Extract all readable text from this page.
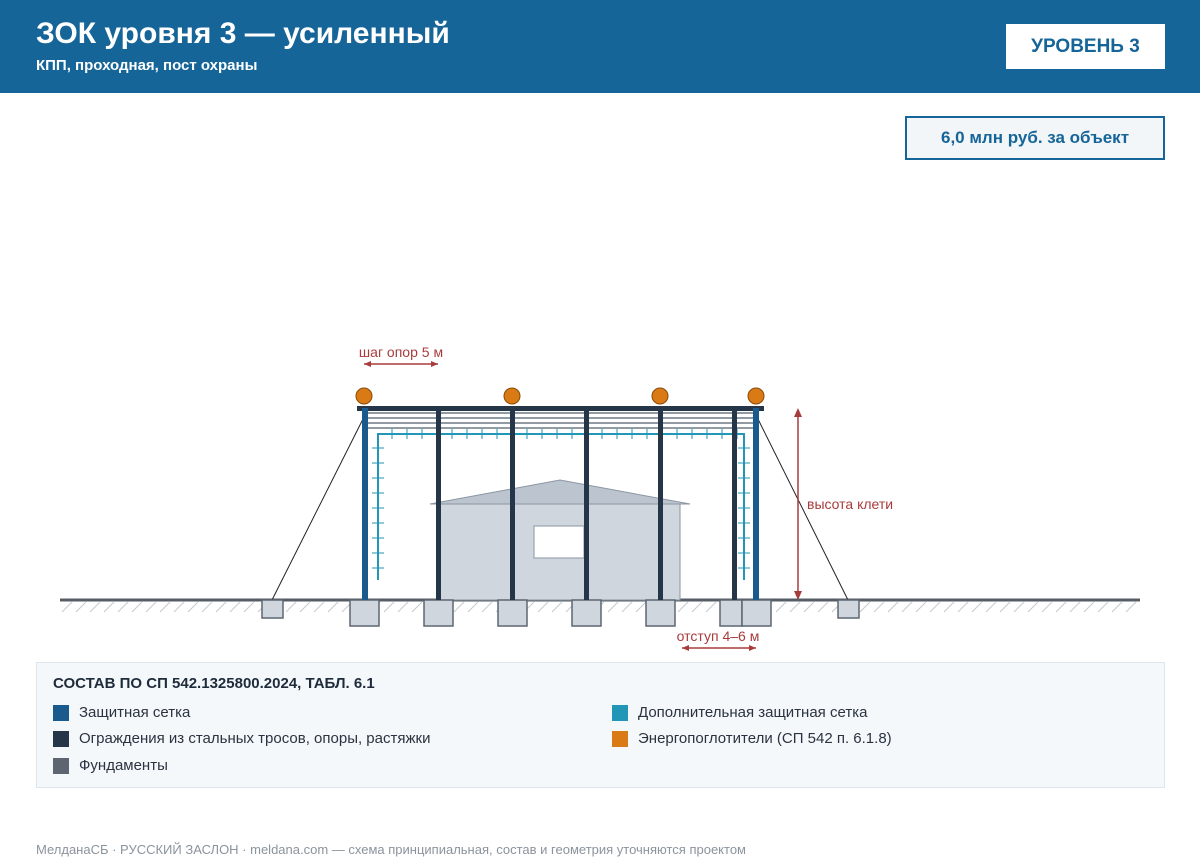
ЗОК уровня 3 — усиленный
КПП, проходная, пост охраны
УРОВЕНЬ 3
6,0 млн руб. за объект
шаг опор 5 м
высота клети
отступ 4–6 м
СОСТАВ ПО СП 542.1325800.2024, ТАБЛ. 6.1
Защитная сетка
Ограждения из стальных тросов, опоры, растяжки
Фундаменты
Дополнительная защитная сетка
Энергопоглотители (СП 542 п. 6.1.8)
МелданаСБ · РУССКИЙ ЗАСЛОН · meldana.com — схема принципиальная, состав и геометрия уточняются проектом
